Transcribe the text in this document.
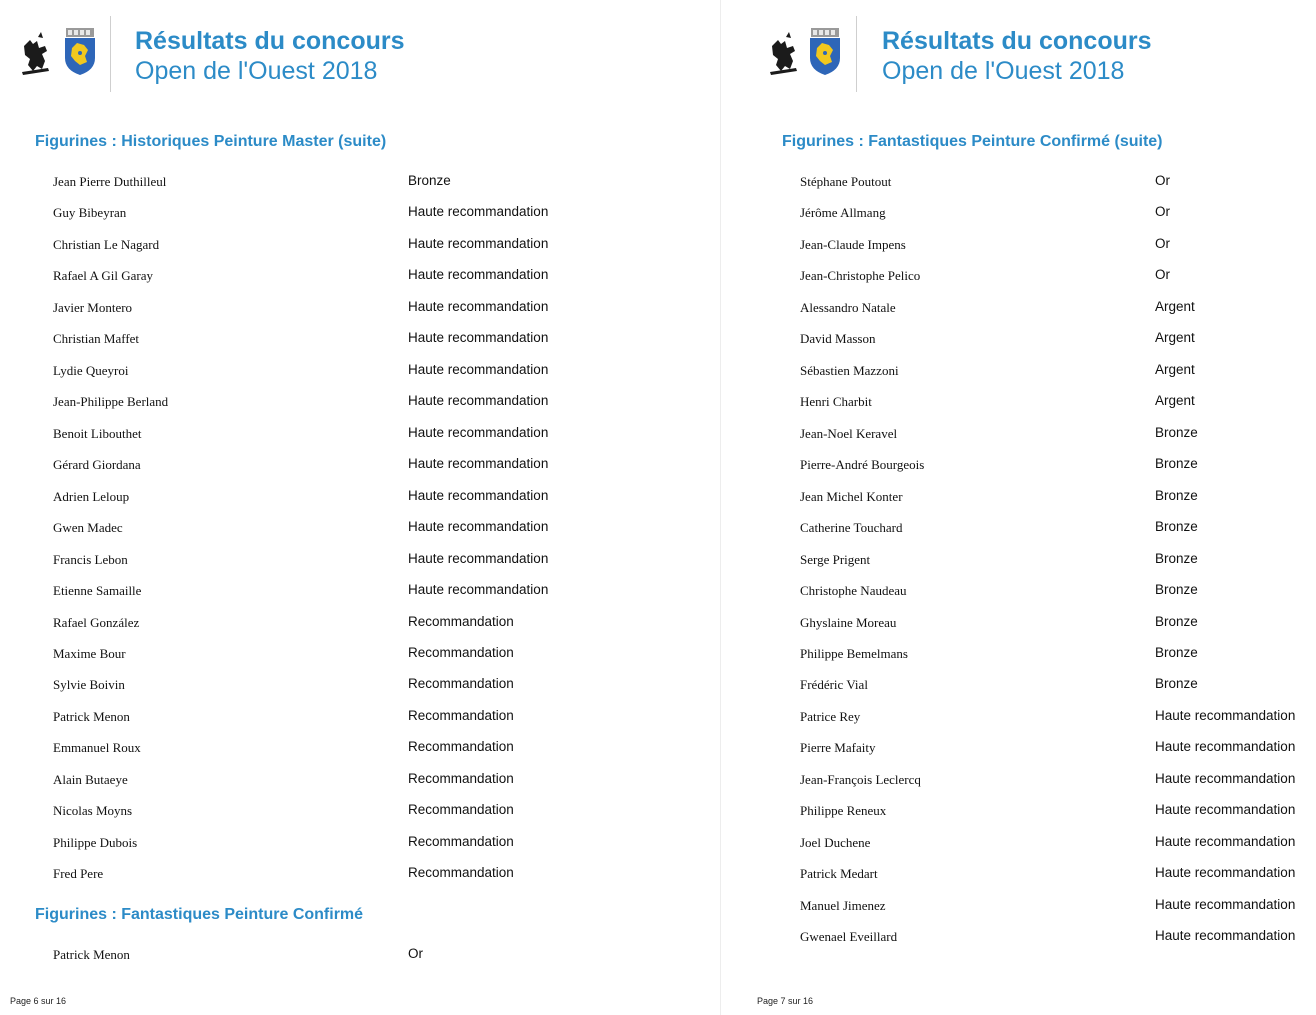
Résultats du concours
Open de l'Ouest 2018
Figurines : Historiques Peinture Master (suite)
Jean Pierre Duthilleul	Bronze
Guy Bibeyran	Haute recommandation
Christian Le Nagard	Haute recommandation
Rafael A Gil Garay	Haute recommandation
Javier Montero	Haute recommandation
Christian Maffet	Haute recommandation
Lydie Queyroi	Haute recommandation
Jean-Philippe Berland	Haute recommandation
Benoit Libouthet	Haute recommandation
Gérard Giordana	Haute recommandation
Adrien Leloup	Haute recommandation
Gwen Madec	Haute recommandation
Francis Lebon	Haute recommandation
Etienne Samaille	Haute recommandation
Rafael González	Recommandation
Maxime Bour	Recommandation
Sylvie Boivin	Recommandation
Patrick Menon	Recommandation
Emmanuel Roux	Recommandation
Alain Butaeye	Recommandation
Nicolas Moyns	Recommandation
Philippe Dubois	Recommandation
Fred Pere	Recommandation
Figurines : Fantastiques Peinture Confirmé
Patrick Menon	Or
Page 6 sur 16
Résultats du concours
Open de l'Ouest 2018
Figurines : Fantastiques Peinture Confirmé (suite)
Stéphane Poutout	Or
Jérôme Allmang	Or
Jean-Claude Impens	Or
Jean-Christophe Pelico	Or
Alessandro Natale	Argent
David Masson	Argent
Sébastien Mazzoni	Argent
Henri Charbit	Argent
Jean-Noel Keravel	Bronze
Pierre-André Bourgeois	Bronze
Jean Michel Konter	Bronze
Catherine Touchard	Bronze
Serge Prigent	Bronze
Christophe Naudeau	Bronze
Ghyslaine Moreau	Bronze
Philippe Bemelmans	Bronze
Frédéric Vial	Bronze
Patrice Rey	Haute recommandation
Pierre Mafaity	Haute recommandation
Jean-François Leclercq	Haute recommandation
Philippe Reneux	Haute recommandation
Joel Duchene	Haute recommandation
Patrick Medart	Haute recommandation
Manuel Jimenez	Haute recommandation
Gwenael Eveillard	Haute recommandation
Page 7 sur 16
